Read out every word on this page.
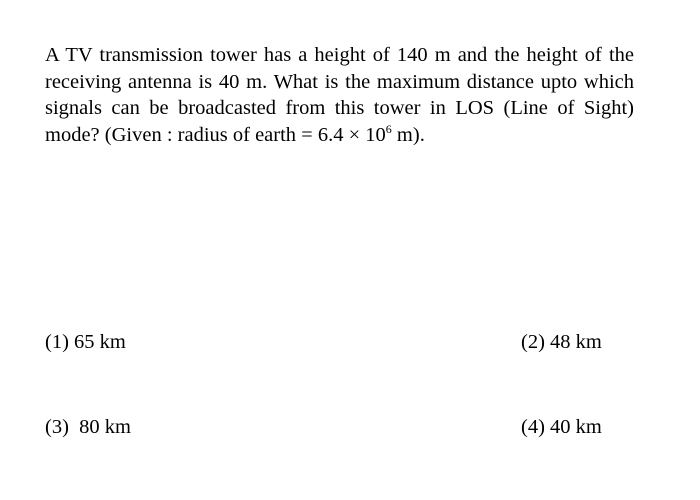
A TV transmission tower has a height of 140 m and the height of the receiving antenna is 40 m. What is the maximum distance upto which signals can be broadcasted from this tower in LOS (Line of Sight) mode? (Given : radius of earth = $6.4 \times 10^6$ m).

(1) 65 km	(2) 48 km

(3)  80 km	(4) 40 km
